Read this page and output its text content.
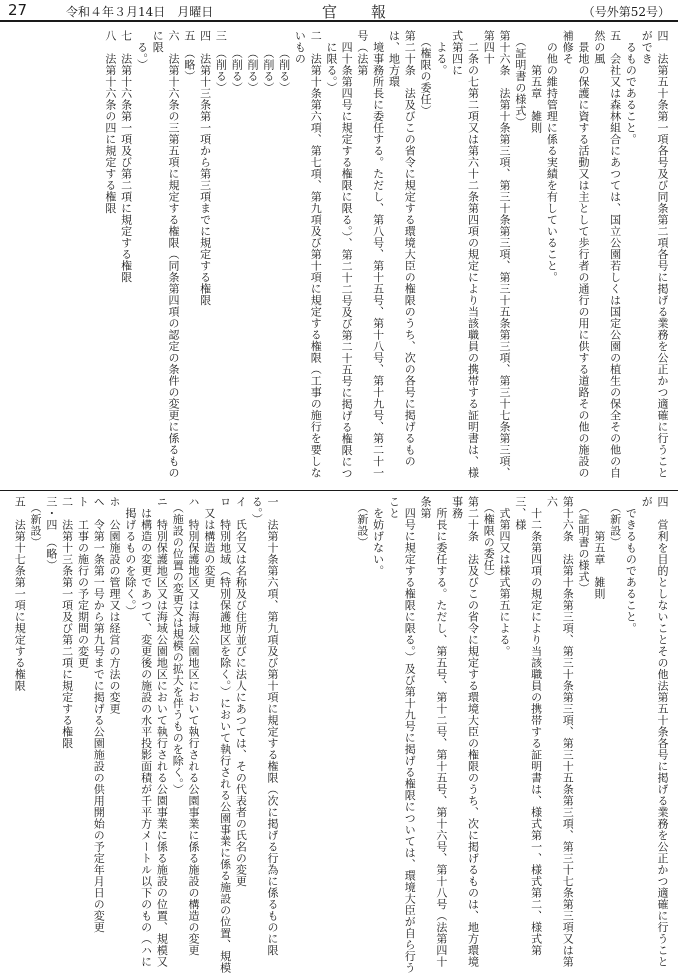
27	令和４年３月14日　月曜日	官報	（号外第52号）
　に限る。）
二　法第十条第六項、第七項、第九項及び第十項に規定する権限（工事の施行を要しないもの
　　（削る）
　　（削る）
　　（削る）
　　（削る）
三　（削る）
四　法第十三条第一項から第三項までに規定する権限
五　（略）
六　法第十六条の三第五項に規定する権限（同条第四項の認定の条件の変更に係るものに限
　る。）
七　法第十六条第一項及び第二項に規定する権限
八　法第十六条の四に規定する権限	四　法第五十条第一項各号及び同条第二項各号に掲げる業務を公正かつ適確に行うことができ
　るものであること。
五　会社又は森林組合にあつては、国立公園若しくは国定公園の植生の保全その他の自然の風
　景地の保護に資する活動又は主として歩行者の通行の用に供する道路その他の施設の補修そ
　の他の維持管理に係る実績を有していること。
　　　第五章　雑則
　（証明書の様式）
第十六条　法第十条第三項、第三十条第三項、第三十五条第三項、第三十七条第三項、第四十
　二条の七第二項又は第六十二条第四項の規定により当該職員の携帯する証明書は、様式第四に
　よる。
　（権限の委任）
第二十条　法及びこの省令に規定する環境大臣の権限のうち、次の各号に掲げるものは、地方環
　境事務所長に委任する。ただし、第八号、第十五号、第十八号、第十九号、第二十一号（法第
　四十条第四号に規定する権限に限る。）、第二十二号及び第二十五号に掲げる権限につ
一　法第十条第六項、第九項及び第十項に規定する権限（次に掲げる行為に係るものに限る。）
イ　氏名又は名称及び住所並びに法人にあつては、その代表者の氏名の変更
ロ　特別地域（特別保護地区を除く。）において執行される公園事業に係る施設の位置、規模
　又は構造の変更
ハ　特別保護地区又は海域公園地区において執行される公園事業に係る施設の構造の変更
　（施設の位置の変更又は規模の拡大を伴うものを除く。）
ニ　特別保護地区又は海域公園地区において執行される公園事業に係る施設の位置、規模又
　は構造の変更であつて、変更後の施設の水平投影面積が千平方メートル以下のもの（ハに
　掲げるものを除く。）
ホ　公園施設の管理又は経営の方法の変更
ヘ　令第一条第一号から第九号までに掲げる公園施設の供用開始の予定年月日の変更
ト　工事の施行の予定期間の変更
二　法第十三条第一項及び第二項に規定する権限
三・四　（略）
　（新設）
五　法第十七条第一項に規定する権限	四　営利を目的としないことその他法第五十条各号に掲げる業務を公正かつ適確に行うことが
　できるものであること。
　（新設）
　　　第五章　雑則
　（証明書の様式）
第十六条　法第十条第三項、第三十条第三項、第三十五条第三項、第三十七条第三項又は第六
　十二条第四項の規定により当該職員の携帯する証明書は、様式第一、様式第二、様式第三、様
　式第四又は様式第五による。
　（権限の委任）
第二十条　法及びこの省令に規定する環境大臣の権限のうち、次に掲げるものは、地方環境事務
　所長に委任する。ただし、第五号、第十二号、第十五号、第十六号、第十八号（法第四十条第
　四号に規定する権限に限る。）及び第十九号に掲げる権限については、環境大臣が自ら行うこと
　を妨げない。
　（新設）
